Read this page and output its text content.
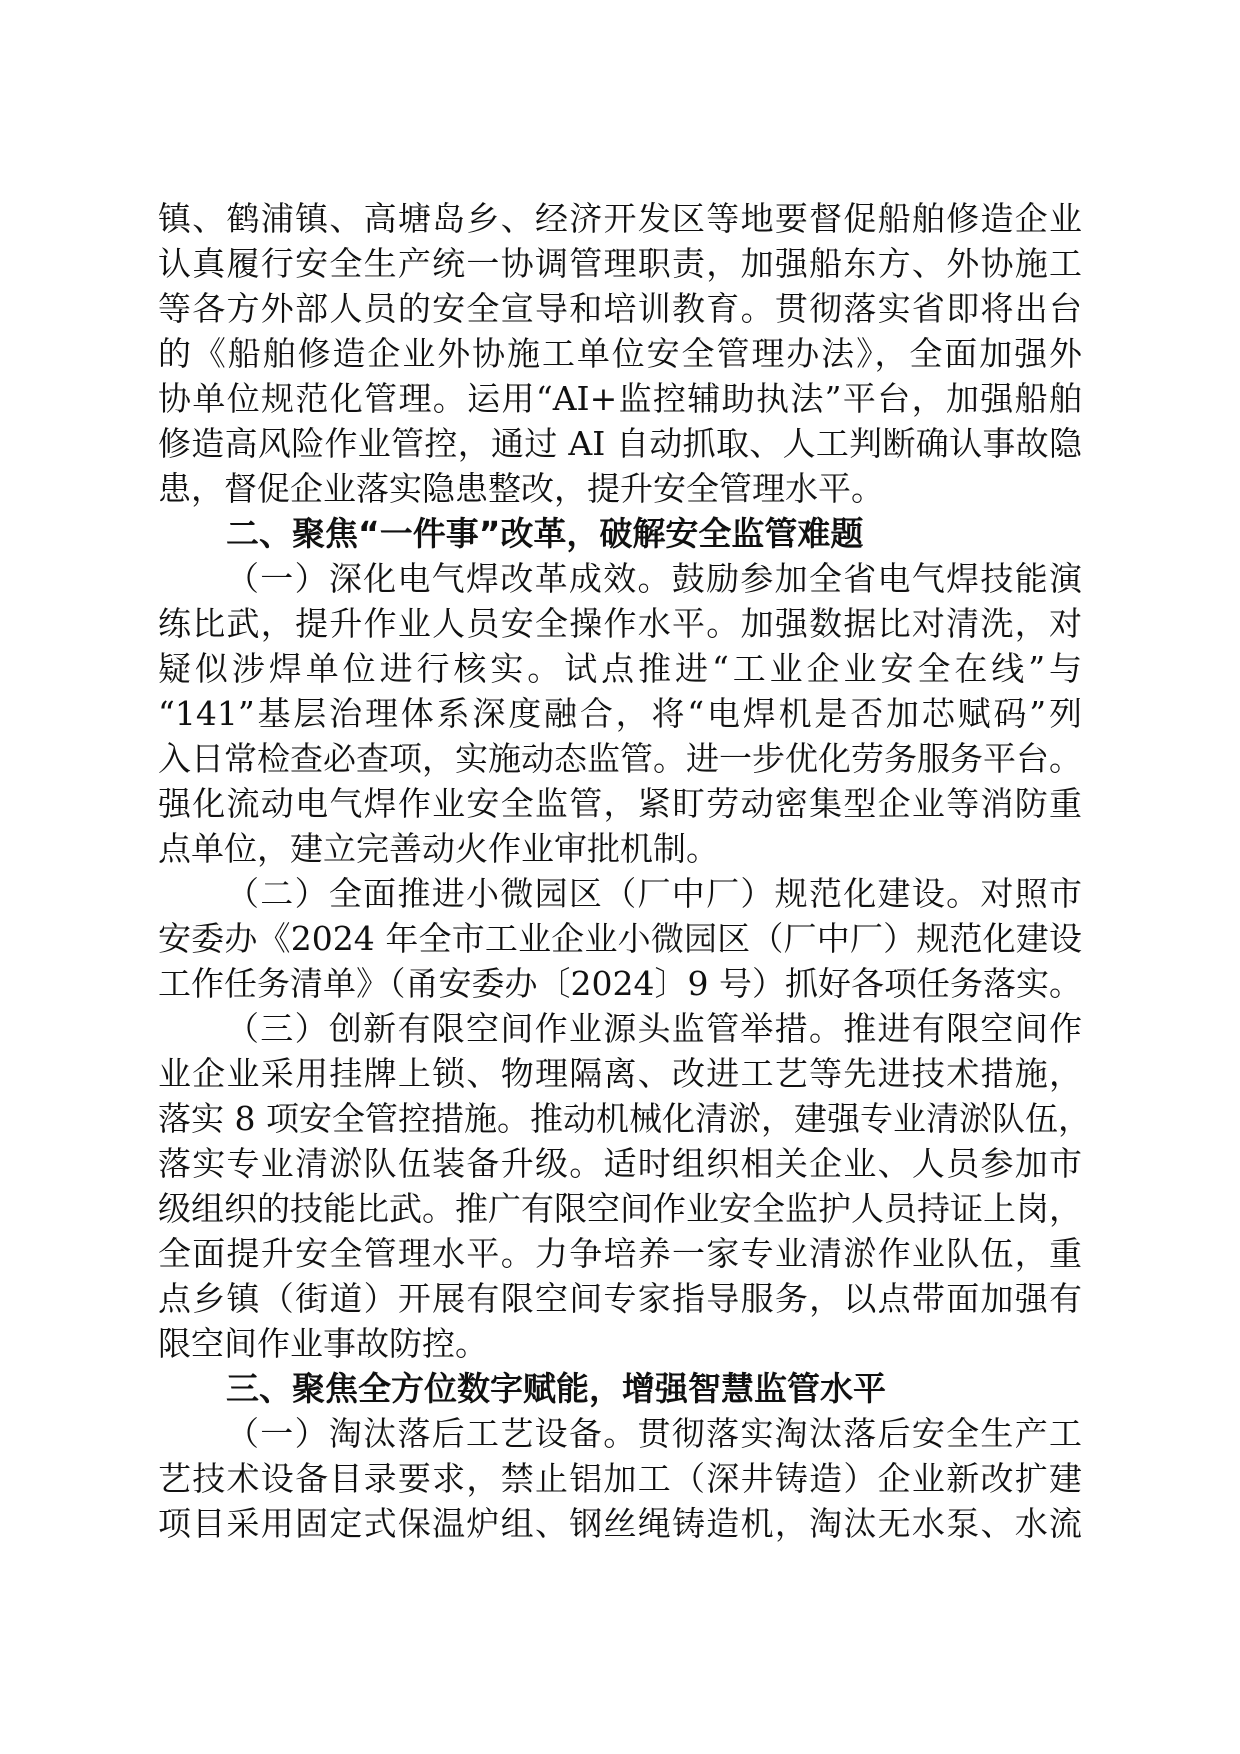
镇、鹤浦镇、高塘岛乡、经济开发区等地要督促船舶修造企业
认真履行安全生产统一协调管理职责，加强船东方、外协施工
等各方外部人员的安全宣导和培训教育。贯彻落实省即将出台
的《船舶修造企业外协施工单位安全管理办法》，全面加强外
协单位规范化管理。运用“AI+监控辅助执法”平台，加强船舶
修造高风险作业管控，通过 AI 自动抓取、人工判断确认事故隐
患，督促企业落实隐患整改，提升安全管理水平。
二、聚焦“一件事”改革，破解安全监管难题
（一）深化电气焊改革成效。鼓励参加全省电气焊技能演
练比武，提升作业人员安全操作水平。加强数据比对清洗，对
疑似涉焊单位进行核实。试点推进“工业企业安全在线”与
“141”基层治理体系深度融合，将“电焊机是否加芯赋码”列
入日常检查必查项，实施动态监管。进一步优化劳务服务平台。
强化流动电气焊作业安全监管，紧盯劳动密集型企业等消防重
点单位，建立完善动火作业审批机制。
（二）全面推进小微园区（厂中厂）规范化建设。对照市
安委办《2024 年全市工业企业小微园区（厂中厂）规范化建设
工作任务清单》（甬安委办〔2024〕9 号）抓好各项任务落实。
（三）创新有限空间作业源头监管举措。推进有限空间作
业企业采用挂牌上锁、物理隔离、改进工艺等先进技术措施，
落实 8 项安全管控措施。推动机械化清淤，建强专业清淤队伍，
落实专业清淤队伍装备升级。适时组织相关企业、人员参加市
级组织的技能比武。推广有限空间作业安全监护人员持证上岗，
全面提升安全管理水平。力争培养一家专业清淤作业队伍，重
点乡镇（街道）开展有限空间专家指导服务，以点带面加强有
限空间作业事故防控。
三、聚焦全方位数字赋能，增强智慧监管水平
（一）淘汰落后工艺设备。贯彻落实淘汰落后安全生产工
艺技术设备目录要求，禁止铝加工（深井铸造）企业新改扩建
项目采用固定式保温炉组、钢丝绳铸造机，淘汰无水泵、水流
